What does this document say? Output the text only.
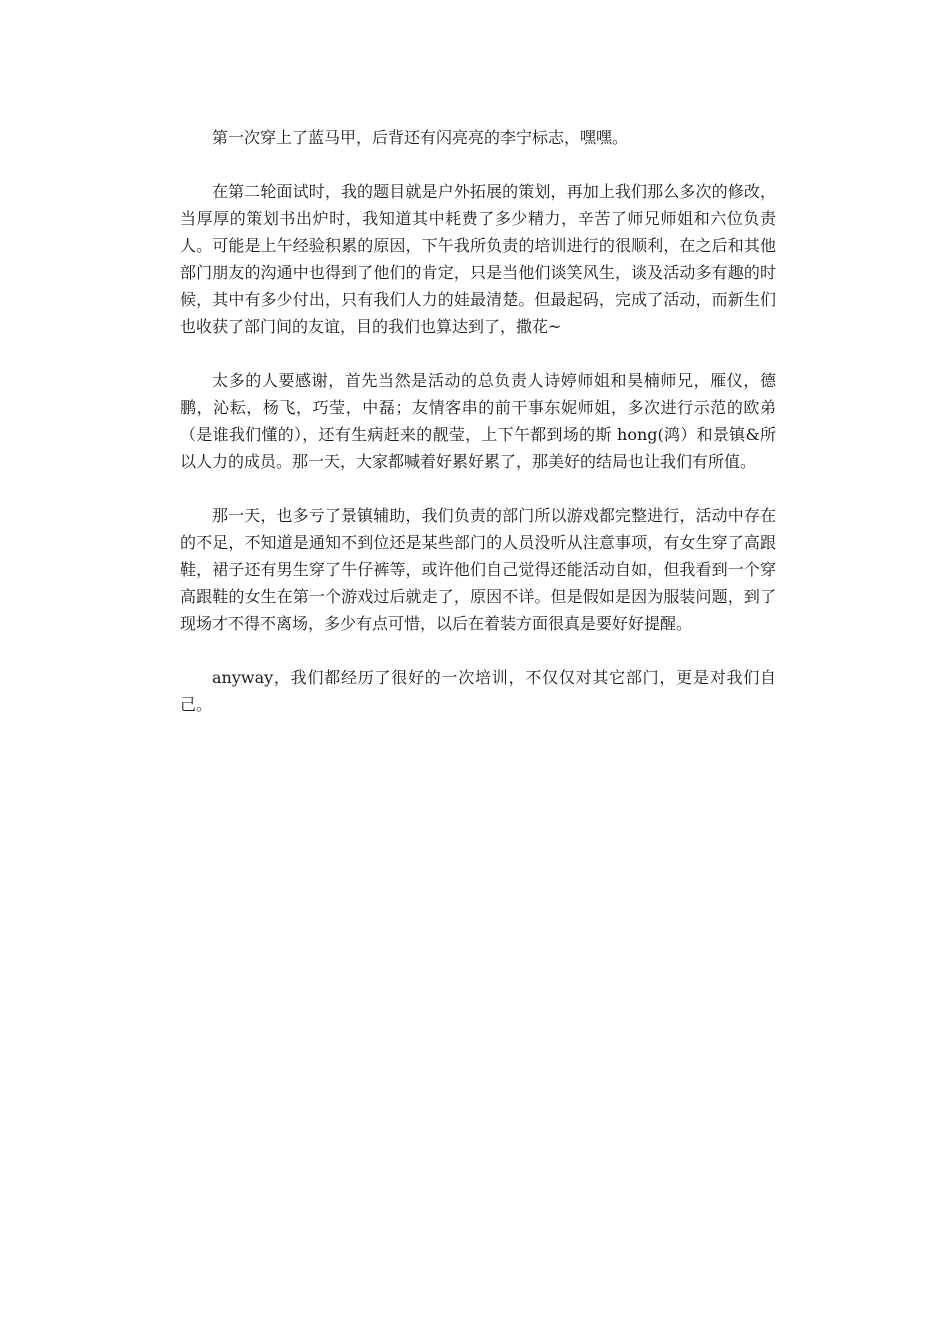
第一次穿上了蓝马甲，后背还有闪亮亮的李宁标志，嘿嘿。

在第二轮面试时，我的题目就是户外拓展的策划，再加上我们那么多次的修改，当厚厚的策划书出炉时，我知道其中耗费了多少精力，辛苦了师兄师姐和六位负责人。可能是上午经验积累的原因，下午我所负责的培训进行的很顺利，在之后和其他部门朋友的沟通中也得到了他们的肯定，只是当他们谈笑风生，谈及活动多有趣的时候，其中有多少付出，只有我们人力的娃最清楚。但最起码，完成了活动，而新生们也收获了部门间的友谊，目的我们也算达到了，撒花~

太多的人要感谢，首先当然是活动的总负责人诗婷师姐和昊楠师兄，雁仪，德鹏，沁耘，杨飞，巧莹，中磊；友情客串的前干事东妮师姐，多次进行示范的欧弟（是谁我们懂的），还有生病赶来的靓莹，上下午都到场的斯 hong(鸿）和景镇&所以人力的成员。那一天，大家都喊着好累好累了，那美好的结局也让我们有所值。

那一天，也多亏了景镇辅助，我们负责的部门所以游戏都完整进行，活动中存在的不足，不知道是通知不到位还是某些部门的人员没听从注意事项，有女生穿了高跟鞋，裙子还有男生穿了牛仔裤等，或许他们自己觉得还能活动自如，但我看到一个穿高跟鞋的女生在第一个游戏过后就走了，原因不详。但是假如是因为服装问题，到了现场才不得不离场，多少有点可惜，以后在着装方面很真是要好好提醒。

anyway，我们都经历了很好的一次培训，不仅仅对其它部门，更是对我们自己。
